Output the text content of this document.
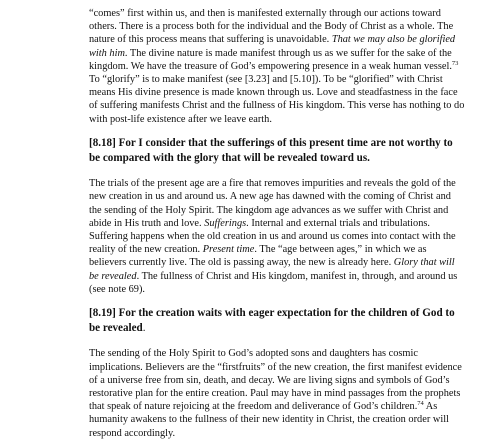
“comes” first within us, and then is manifested externally through our actions toward others. There is a process both for the individual and the Body of Christ as a whole. The nature of this process means that suffering is unavoidable. That we may also be glorified with him. The divine nature is made manifest through us as we suffer for the sake of the kingdom. We have the treasure of God’s empowering presence in a weak human vessel.$^{73}$ To “glorify” is to make manifest (see [3.23] and [5.10]). To be “glorified” with Christ means His divine presence is made known through us. Love and steadfastness in the face of suffering manifests Christ and the fullness of His kingdom. This verse has nothing to do with post-life existence after we leave earth.

[8.18] For I consider that the sufferings of this present time are not worthy to be compared with the glory that will be revealed toward us.

The trials of the present age are a fire that removes impurities and reveals the gold of the new creation in us and around us. A new age has dawned with the coming of Christ and the sending of the Holy Spirit. The kingdom age advances as we suffer with Christ and abide in His truth and love. Sufferings. Internal and external trials and tribulations. Suffering happens when the old creation in us and around us comes into contact with the reality of the new creation. Present time. The “age between ages,” in which we as believers currently live. The old is passing away, the new is already here. Glory that will be revealed. The fullness of Christ and His kingdom, manifest in, through, and around us (see note 69).

[8.19] For the creation waits with eager expectation for the children of God to be revealed.

The sending of the Holy Spirit to God’s adopted sons and daughters has cosmic implications. Believers are the “firstfruits” of the new creation, the first manifest evidence of a universe free from sin, death, and decay. We are living signs and symbols of God’s restorative plan for the entire creation. Paul may have in mind passages from the prophets that speak of nature rejoicing at the freedom and deliverance of God’s children.$^{74}$ As humanity awakens to the fullness of their new identity in Christ, the creation order will respond accordingly.
